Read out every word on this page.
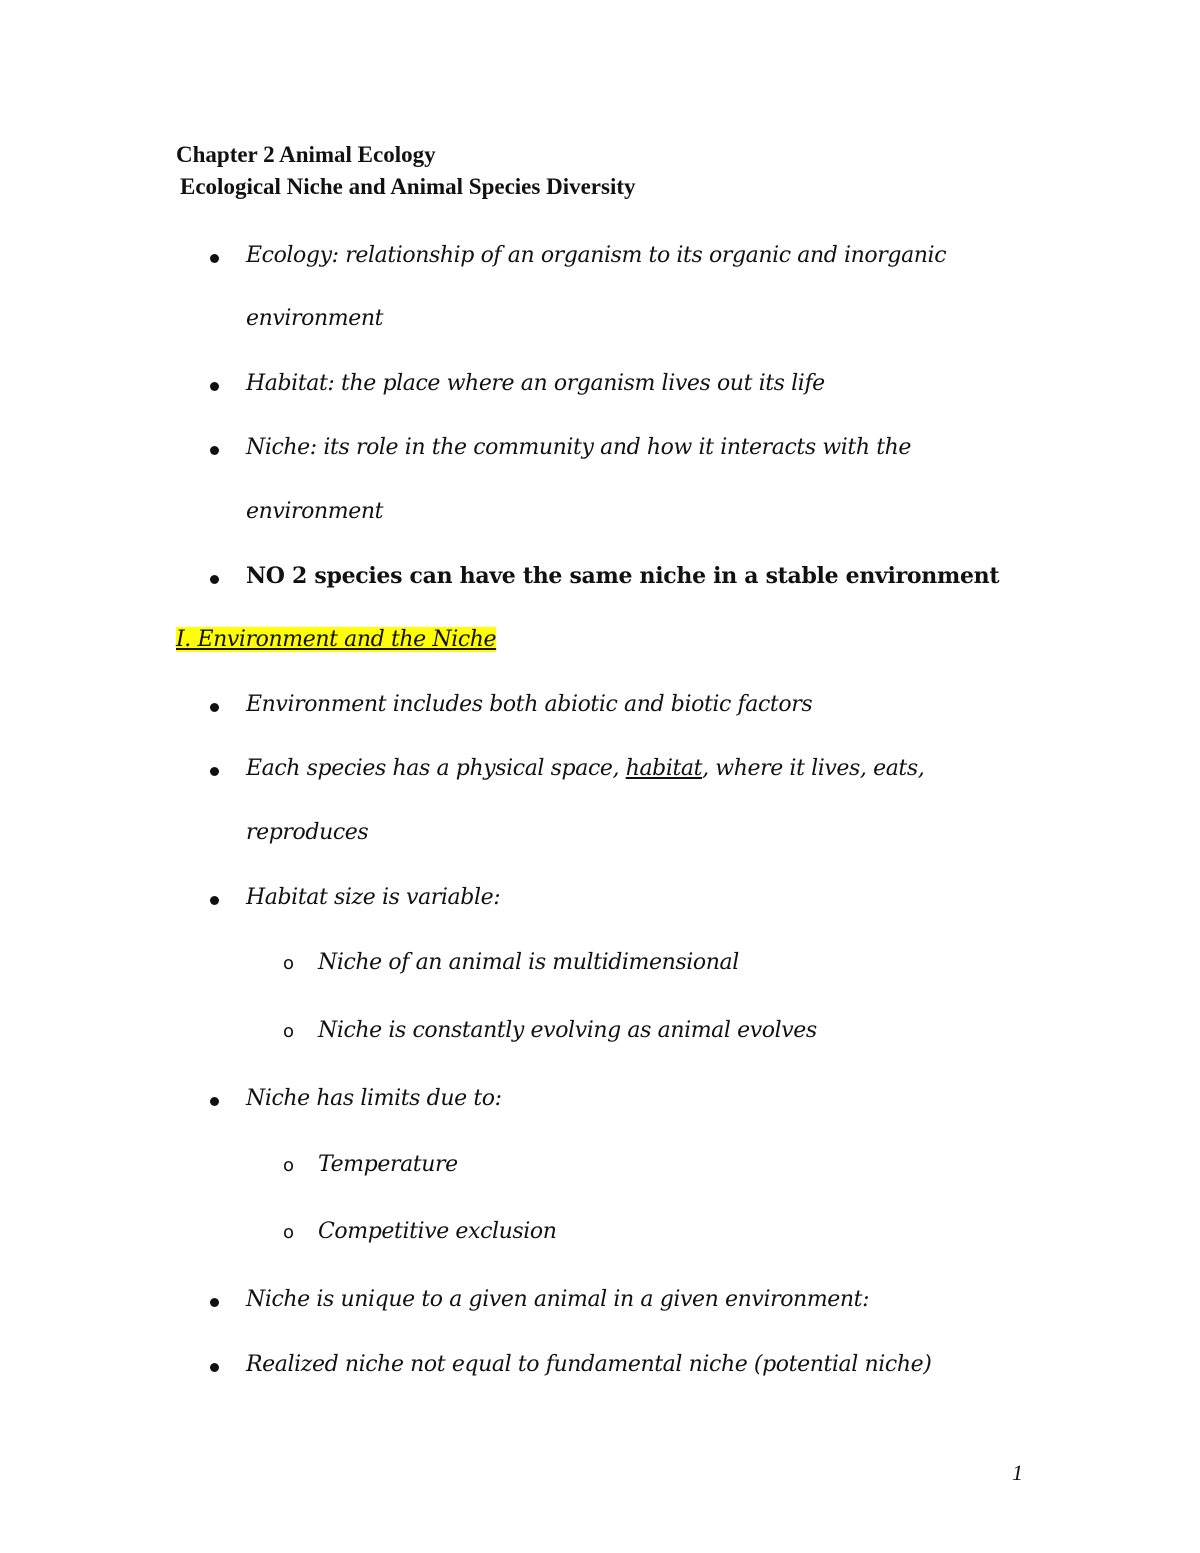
Chapter 2 Animal Ecology
Ecological Niche and Animal Species Diversity
Ecology: relationship of an organism to its organic and inorganic
environment
Habitat: the place where an organism lives out its life
Niche: its role in the community and how it interacts with the
environment
NO 2 species can have the same niche in a stable environment
I. Environment and the Niche
Environment includes both abiotic and biotic factors
Each species has a physical space, habitat, where it lives, eats,
reproduces
Habitat size is variable:
o Niche of an animal is multidimensional
o Niche is constantly evolving as animal evolves
Niche has limits due to:
o Temperature
o Competitive exclusion
Niche is unique to a given animal in a given environment:
Realized niche not equal to fundamental niche (potential niche)
1
